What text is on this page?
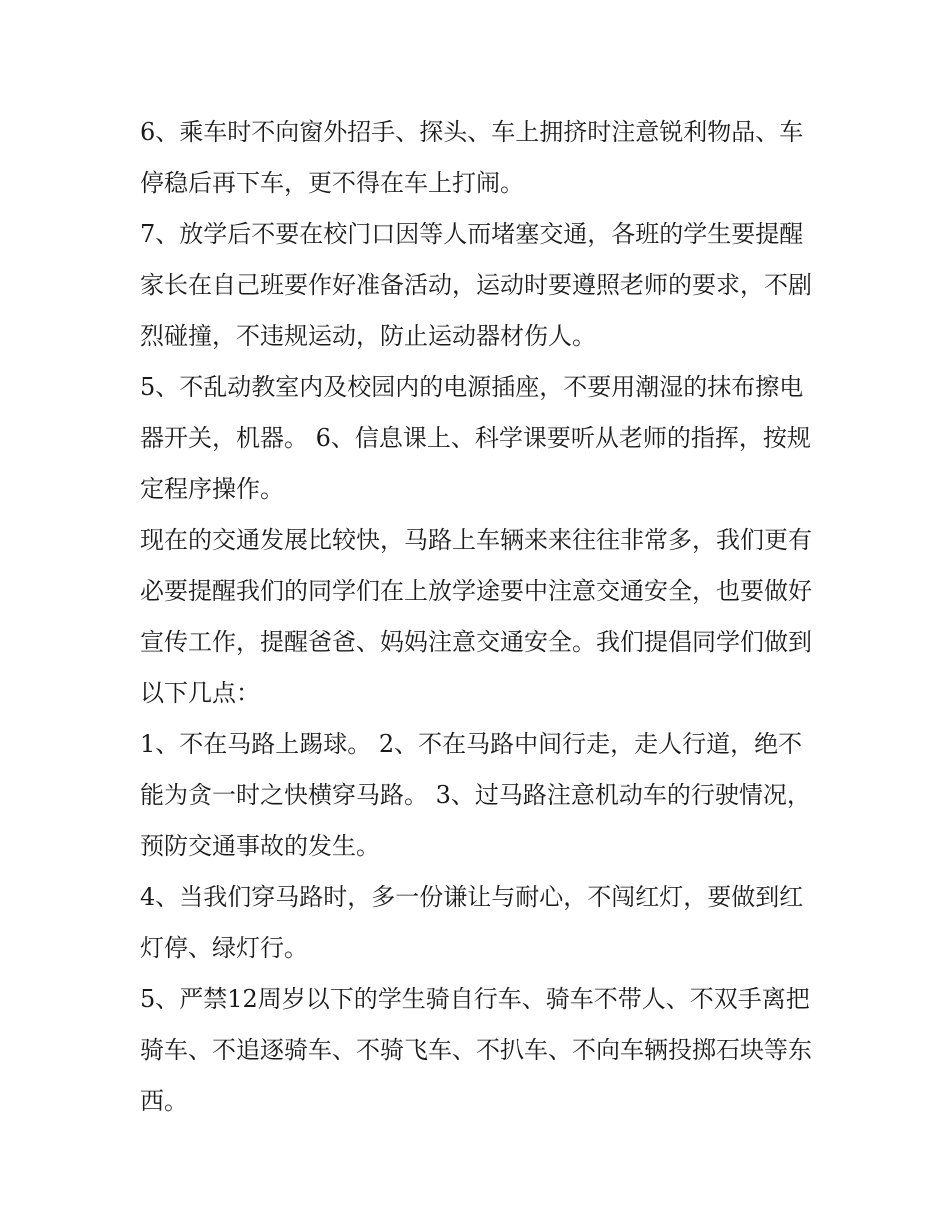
6、乘车时不向窗外招手、探头、车上拥挤时注意锐利物品、车停稳后再下车，更不得在车上打闹。

7、放学后不要在校门口因等人而堵塞交通，各班的学生要提醒家长在自己班要作好准备活动，运动时要遵照老师的要求，不剧烈碰撞，不违规运动，防止运动器材伤人。

5、不乱动教室内及校园内的电源插座，不要用潮湿的抹布擦电器开关，机器。 6、信息课上、科学课要听从老师的指挥，按规定程序操作。

现在的交通发展比较快，马路上车辆来来往往非常多，我们更有必要提醒我们的同学们在上放学途要中注意交通安全，也要做好宣传工作，提醒爸爸、妈妈注意交通安全。我们提倡同学们做到以下几点：

1、不在马路上踢球。 2、不在马路中间行走，走人行道，绝不能为贪一时之快横穿马路。 3、过马路注意机动车的行驶情况，预防交通事故的发生。

4、当我们穿马路时，多一份谦让与耐心，不闯红灯，要做到红灯停、绿灯行。

5、严禁12周岁以下的学生骑自行车、骑车不带人、不双手离把骑车、不追逐骑车、不骑飞车、不扒车、不向车辆投掷石块等东西。
